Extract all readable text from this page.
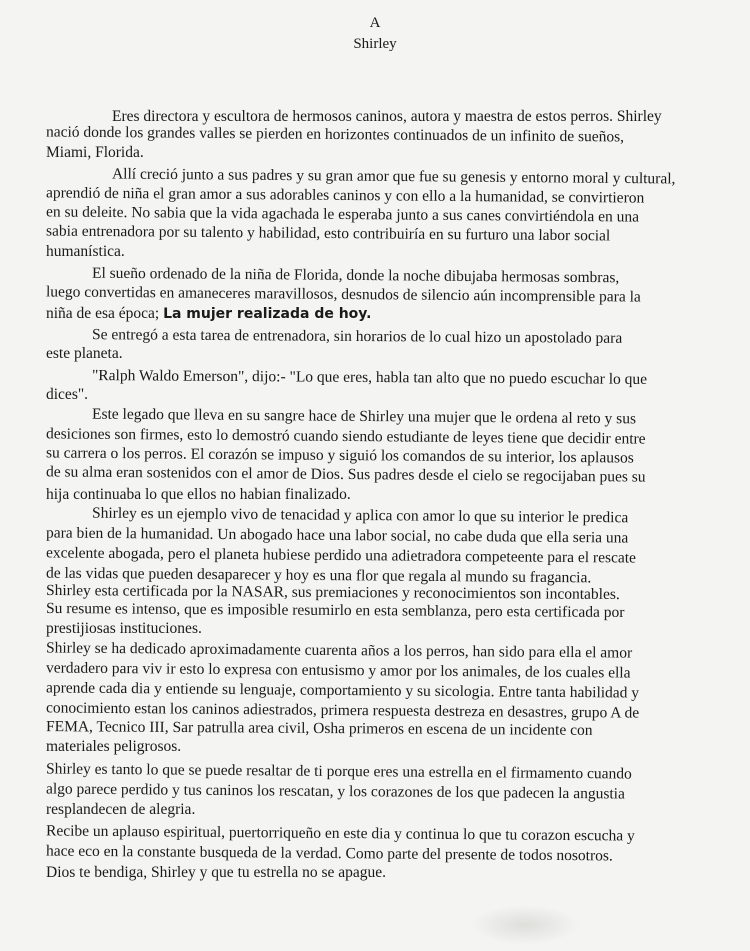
A
Shirley
Eres directora y escultora de hermosos caninos, autora y maestra de estos perros. Shirley
nació donde los grandes valles se pierden en horizontes continuados de un infinito de sueños,
Miami, Florida.
Allí creció junto a sus padres y su gran amor que fue su genesis y entorno moral y cultural,
aprendió de niña el gran amor a sus adorables caninos y con ello a la humanidad, se convirtieron
en su deleite. No sabia que la vida agachada le esperaba junto a sus canes convirtiéndola en una
sabia entrenadora por su talento y habilidad, esto contribuiría en su furturo una labor social
humanística.
El sueño ordenado de la niña de Florida, donde la noche dibujaba hermosas sombras,
luego convertidas en amaneceres maravillosos, desnudos de silencio aún incomprensible para la
niña de esa época; La mujer realizada de hoy.
Se entregó a esta tarea de entrenadora, sin horarios de lo cual hizo un apostolado para
este planeta.
"Ralph Waldo Emerson", dijo:- "Lo que eres, habla tan alto que no puedo escuchar lo que
dices".
Este legado que lleva en su sangre hace de Shirley una mujer que le ordena al reto y sus
desiciones son firmes, esto lo demostró cuando siendo estudiante de leyes tiene que decidir entre
su carrera o los perros. El corazón se impuso y siguió los comandos de su interior, los aplausos
de su alma eran sostenidos con el amor de Dios. Sus padres desde el cielo se regocijaban pues su
hija continuaba lo que ellos no habian finalizado.
Shirley es un ejemplo vivo de tenacidad y aplica con amor lo que su interior le predica
para bien de la humanidad. Un abogado hace una labor social, no cabe duda que ella seria una
excelente abogada, pero el planeta hubiese perdido una adietradora competeente para el rescate
de las vidas que pueden desaparecer y hoy es una flor que regala al mundo su fragancia.
Shirley esta certificada por la NASAR, sus premiaciones y reconocimientos son incontables.
Su resume es intenso, que es imposible resumirlo en esta semblanza, pero esta certificada por
prestijiosas instituciones.
Shirley se ha dedicado aproximadamente cuarenta años a los perros, han sido para ella el amor
verdadero para viv ir esto lo expresa con entusismo y amor por los animales, de los cuales ella
aprende cada dia y entiende su lenguaje, comportamiento y su sicologia. Entre tanta habilidad y
conocimiento estan los caninos adiestrados, primera respuesta destreza en desastres, grupo A de
FEMA, Tecnico III, Sar patrulla area civil, Osha primeros en escena de un incidente con
materiales peligrosos.
Shirley es tanto lo que se puede resaltar de ti porque eres una estrella en el firmamento cuando
algo parece perdido y tus caninos los rescatan, y los corazones de los que padecen la angustia
resplandecen de alegria.
Recibe un aplauso espiritual, puertorriqueño en este dia y continua lo que tu corazon escucha y
hace eco en la constante busqueda de la verdad. Como parte del presente de todos nosotros.
Dios te bendiga, Shirley y que tu estrella no se apague.
